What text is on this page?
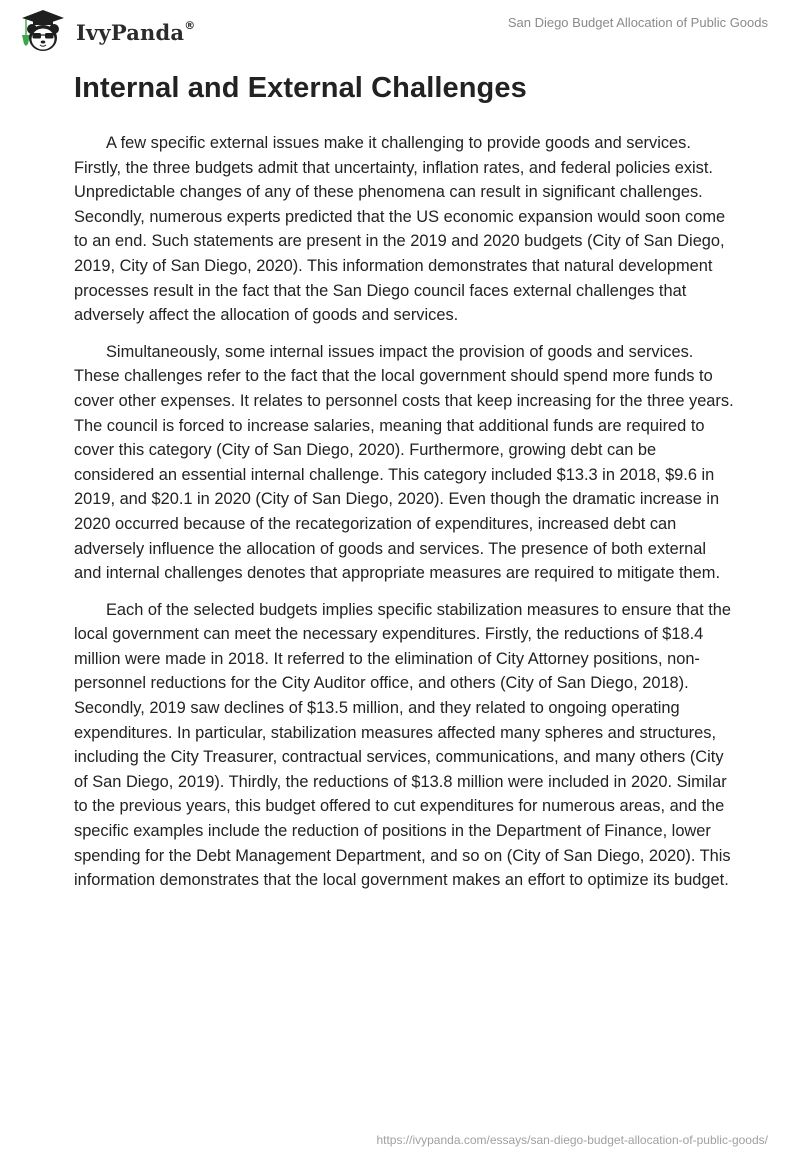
IvyPanda®	San Diego Budget Allocation of Public Goods
Internal and External Challenges

A few specific external issues make it challenging to provide goods and services. Firstly, the three budgets admit that uncertainty, inflation rates, and federal policies exist. Unpredictable changes of any of these phenomena can result in significant challenges. Secondly, numerous experts predicted that the US economic expansion would soon come to an end. Such statements are present in the 2019 and 2020 budgets (City of San Diego, 2019, City of San Diego, 2020). This information demonstrates that natural development processes result in the fact that the San Diego council faces external challenges that adversely affect the allocation of goods and services.

Simultaneously, some internal issues impact the provision of goods and services. These challenges refer to the fact that the local government should spend more funds to cover other expenses. It relates to personnel costs that keep increasing for the three years. The council is forced to increase salaries, meaning that additional funds are required to cover this category (City of San Diego, 2020). Furthermore, growing debt can be considered an essential internal challenge. This category included $13.3 in 2018, $9.6 in 2019, and $20.1 in 2020 (City of San Diego, 2020). Even though the dramatic increase in 2020 occurred because of the recategorization of expenditures, increased debt can adversely influence the allocation of goods and services. The presence of both external and internal challenges denotes that appropriate measures are required to mitigate them.

Each of the selected budgets implies specific stabilization measures to ensure that the local government can meet the necessary expenditures. Firstly, the reductions of $18.4 million were made in 2018. It referred to the elimination of City Attorney positions, non-personnel reductions for the City Auditor office, and others (City of San Diego, 2018). Secondly, 2019 saw declines of $13.5 million, and they related to ongoing operating expenditures. In particular, stabilization measures affected many spheres and structures, including the City Treasurer, contractual services, communications, and many others (City of San Diego, 2019). Thirdly, the reductions of $13.8 million were included in 2020. Similar to the previous years, this budget offered to cut expenditures for numerous areas, and the specific examples include the reduction of positions in the Department of Finance, lower spending for the Debt Management Department, and so on (City of San Diego, 2020). This information demonstrates that the local government makes an effort to optimize its budget.

https://ivypanda.com/essays/san-diego-budget-allocation-of-public-goods/
